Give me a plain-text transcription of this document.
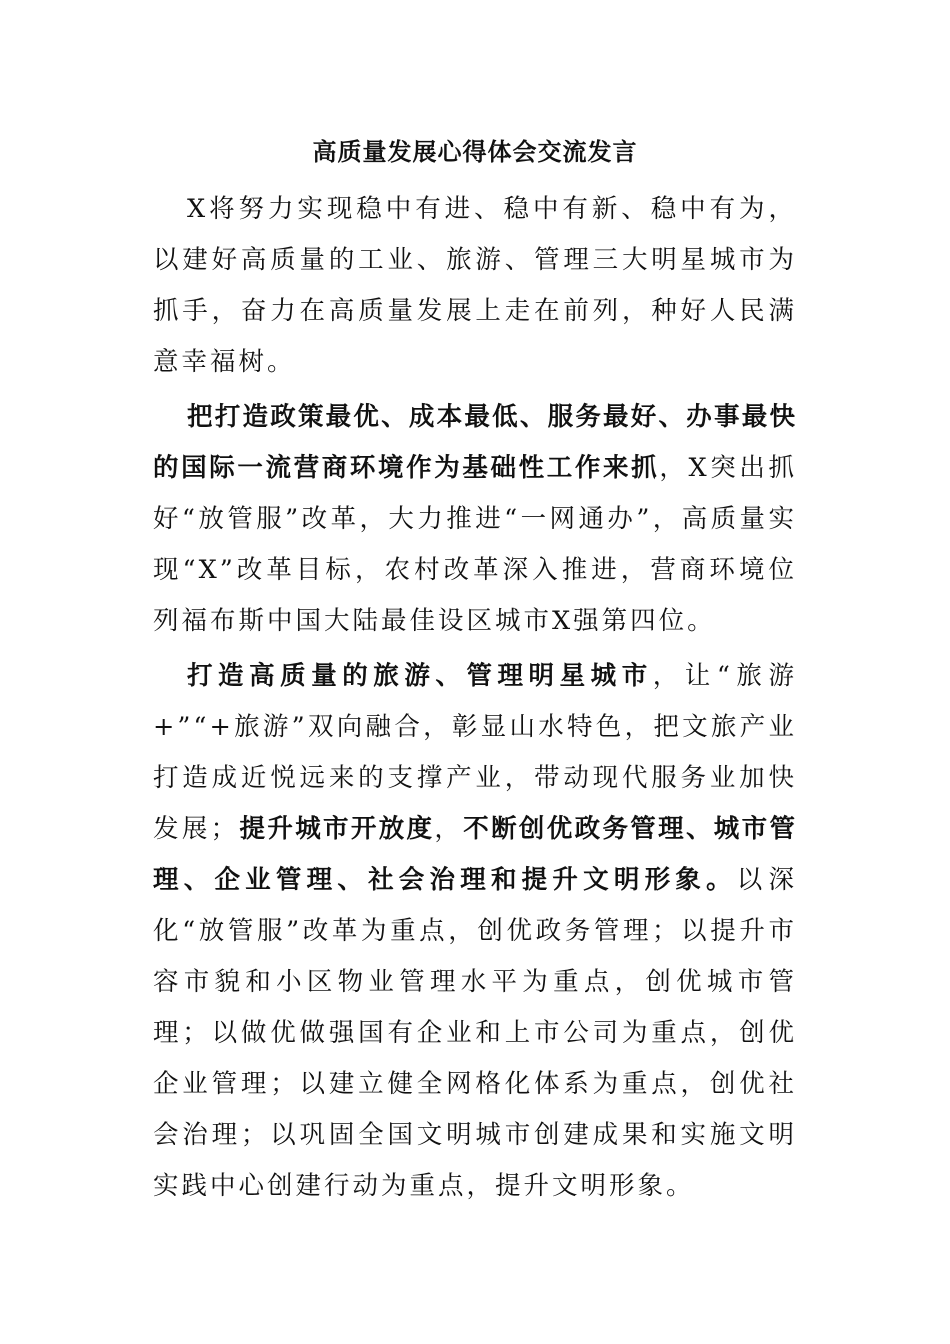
高质量发展心得体会交流发言

X将努力实现稳中有进、稳中有新、稳中有为，以建好高质量的工业、旅游、管理三大明星城市为抓手，奋力在高质量发展上走在前列，种好人民满意幸福树。

把打造政策最优、成本最低、服务最好、办事最快的国际一流营商环境作为基础性工作来抓，X突出抓好“放管服”改革，大力推进“一网通办”，高质量实现“X”改革目标，农村改革深入推进，营商环境位列福布斯中国大陆最佳设区城市X强第四位。

打造高质量的旅游、管理明星城市，让“旅游+”“+旅游”双向融合，彰显山水特色，把文旅产业打造成近悦远来的支撑产业，带动现代服务业加快发展；提升城市开放度，不断创优政务管理、城市管理、企业管理、社会治理和提升文明形象。以深化“放管服”改革为重点，创优政务管理；以提升市容市貌和小区物业管理水平为重点，创优城市管理；以做优做强国有企业和上市公司为重点，创优企业管理；以建立健全网格化体系为重点，创优社会治理；以巩固全国文明城市创建成果和实施文明实践中心创建行动为重点，提升文明形象。
